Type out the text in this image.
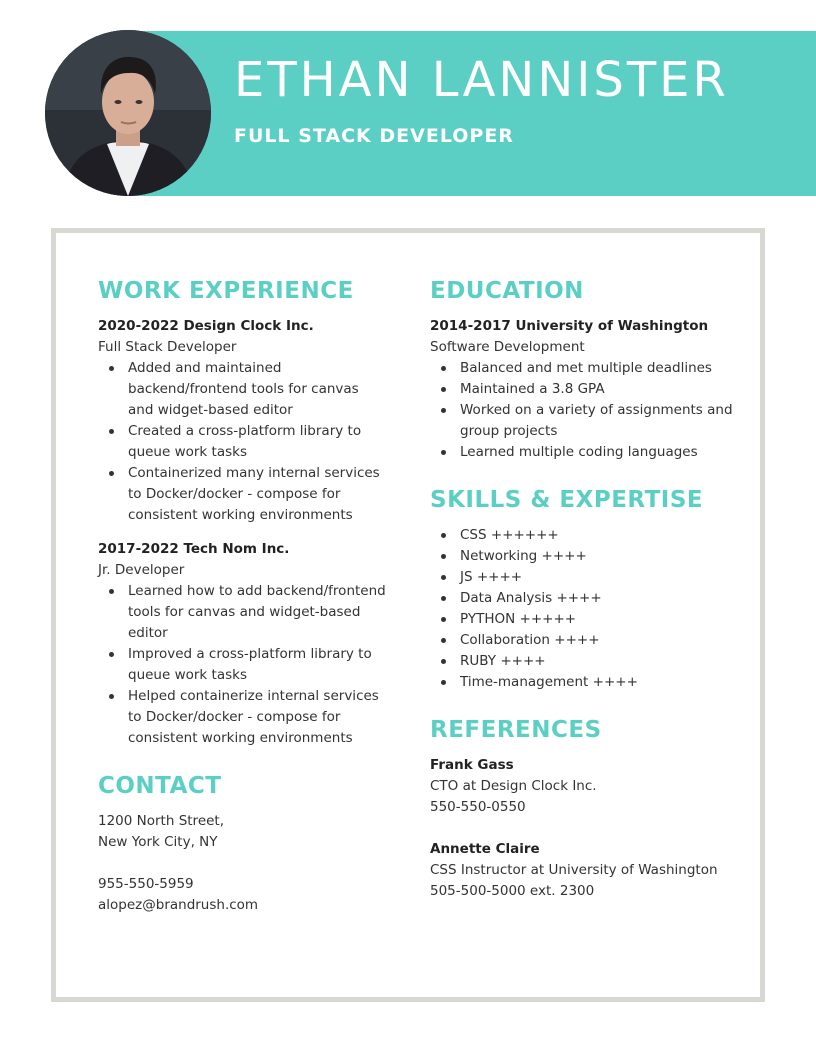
ETHAN LANNISTER

FULL STACK DEVELOPER

WORK EXPERIENCE

2020-2022 Design Clock Inc.

Full Stack Developer

Added and maintained backend/frontend tools for canvas and widget-based editor
Created a cross-platform library to queue work tasks
Containerized many internal services to Docker/docker - compose for consistent working environments

2017-2022 Tech Nom Inc.

Jr. Developer

Learned how to add backend/frontend tools for canvas and widget-based editor
Improved a cross-platform library to queue work tasks
Helped containerize internal services to Docker/docker - compose for consistent working environments
CONTACT

1200 North Street,

New York City, NY

955-550-5959

alopez@brandrush.com

EDUCATION

2014-2017 University of Washington

Software Development

Balanced and met multiple deadlines
Maintained a 3.8 GPA
Worked on a variety of assignments and group projects
Learned multiple coding languages
SKILLS & EXPERTISE
CSS ++++++
Networking ++++
JS ++++
Data Analysis ++++
PYTHON +++++
Collaboration ++++
RUBY ++++
Time-management ++++
REFERENCES

Frank Gass

CTO at Design Clock Inc.

550-550-0550

Annette Claire

CSS Instructor at University of Washington

505-500-5000 ext. 2300
